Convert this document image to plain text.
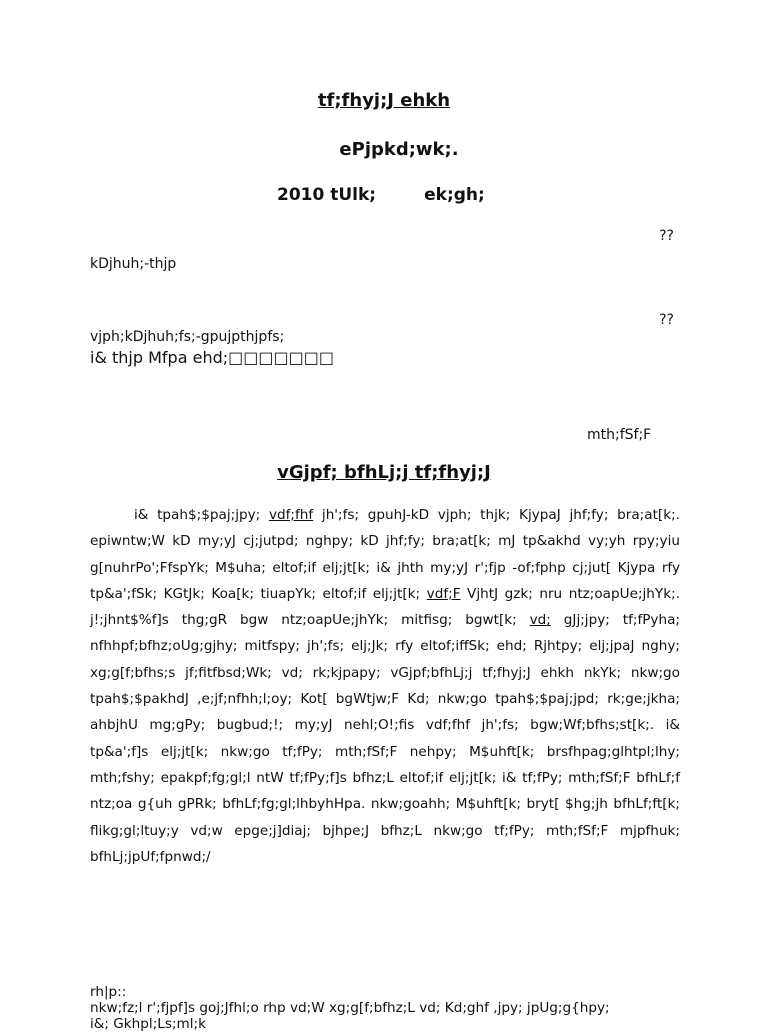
tf;fhyj;J ehkh
ePjpkd;wk;.
2010 tUlk;	ek;gh;
??
kDjhuh;-thjp
??
vjph;kDjhuh;fs;-gpujpthjpfs;
i& thjp Mfpa ehd;□□□□□□□
mth;fSf;F
vGjpf; bfhLj;j tf;fhyj;J
i& tpah$;$paj;jpy; vdf;fhf jh';fs; gpuhJ-kD vjph; thjk; KjypaJ jhf;fy; bra;at[k;. epiwntw;W kD my;yJ cj;jutpd; nghpy; kD jhf;fy; bra;at[k; mJ tp&akhd vy;yh rpy;yiu g[nuhrPo';FfspYk; M$uha; eltof;if elj;jt[k; i& jhth my;yJ r';fjp -of;fphp cj;jut[ Kjypa rfy tp&a';fSk; KGtJk; Koa[k; tiuapYk; eltof;if elj;jt[k; vdf;F VjhtJ gzk; nru ntz;oapUe;jhYk;. j!;jhnt$%f]s thg;gR bgw ntz;oapUe;jhYk; mitfisg; bgwt[k; vd; gJj;jpy; tf;fPyha; nfhhpf;bfhz;oUg;gjhy; mitfspy; jh';fs; elj;Jk; rfy eltof;iffSk; ehd; Rjhtpy; elj;jpaJ nghy; xg;g[f;bfhs;s jf;fitfbsd;Wk; vd; rk;kjpapy; vGjpf;bfhLj;j tf;fhyj;J ehkh nkYk; nkw;go tpah$;$pakhdJ ,e;jf;nfhh;l;oy; Kot[ bgWtjw;F Kd; nkw;go tpah$;$paj;jpd; rk;ge;jkha; ahbjhU mg;gPy; bugbud;!; my;yJ nehl;O!;fis vdf;fhf jh';fs; bgw;Wf;bfhs;st[k;. i& tp&a';f]s elj;jt[k; nkw;go tf;fPy; mth;fSf;F nehpy; M$uhft[k; brsfhpag;glhtpl;lhy; mth;fshy; epakpf;fg;gl;l ntW tf;fPy;f]s bfhz;L eltof;if elj;jt[k; i& tf;fPy; mth;fSf;F bfhLf;f ntz;oa g{uh gPRk; bfhLf;fg;gl;lhbyhHpa. nkw;goahh; M$uhft[k; bryt[ $hg;jh bfhLf;ft[k; flikg;gl;ltuy;y vd;w epge;j]diaj; bjhpe;J bfhz;L nkw;go tf;fPy; mth;fSf;F mjpfhuk; bfhLj;jpUf;fpnwd;/
rh|p::
nkw;fz;l r';fjpf]s goj;Jfhl;o rhp vd;W xg;g[f;bfhz;L vd; Kd;ghf ,jpy; jpUg;g{hpy;
i&; Gkhpl;Ls;ml;k
